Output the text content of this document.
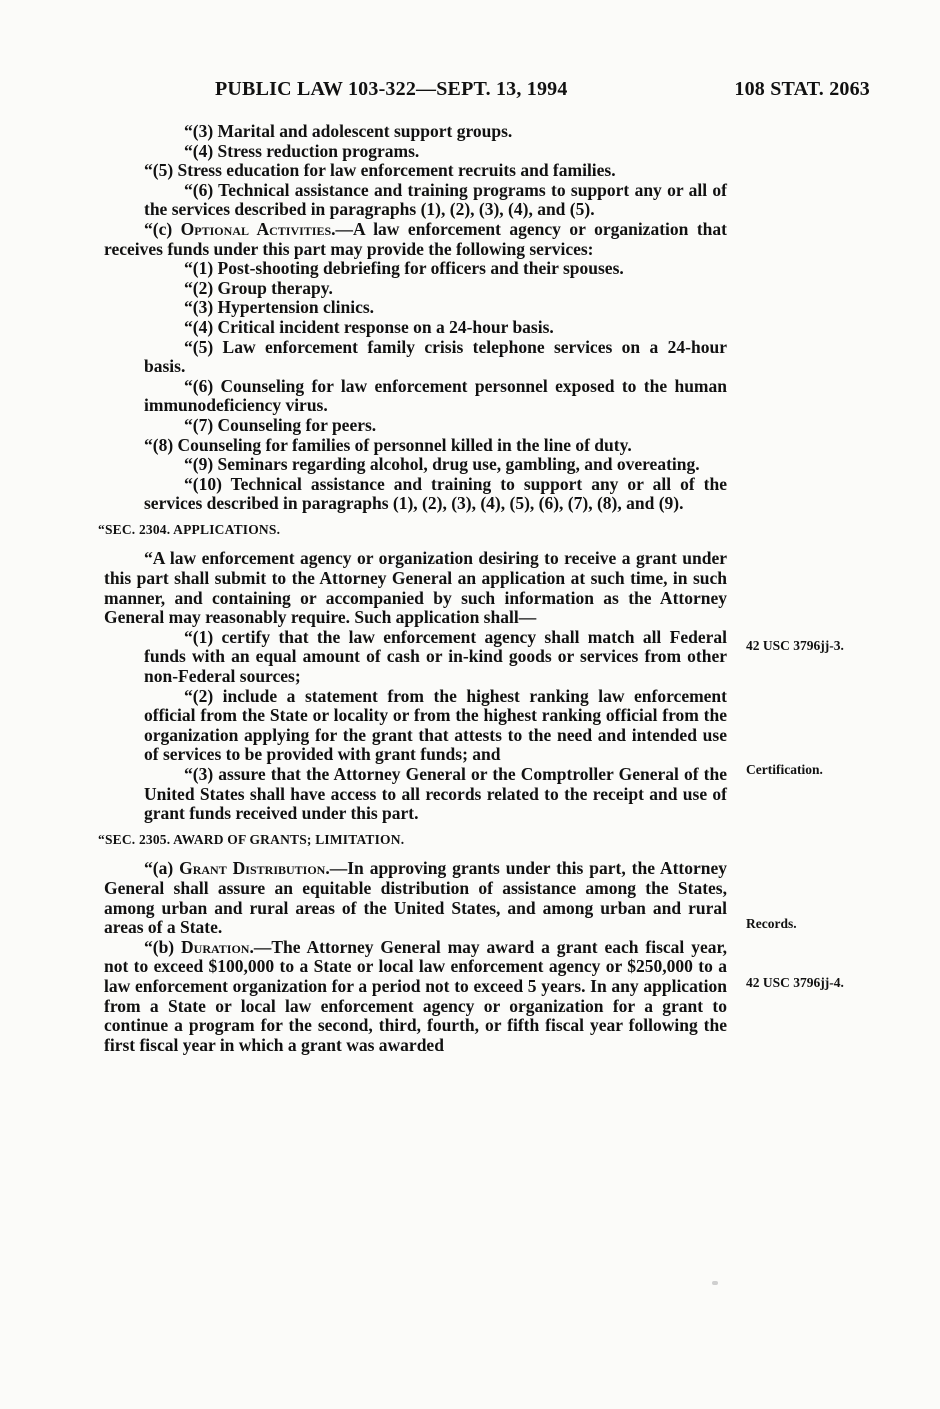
PUBLIC LAW 103-322—SEPT. 13, 1994	108 STAT. 2063

“(3) Marital and adolescent support groups.

“(4) Stress reduction programs.

“(5) Stress education for law enforcement recruits and families.

“(6) Technical assistance and training programs to support any or all of the services described in paragraphs (1), (2), (3), (4), and (5).

“(c) Optional Activities.—A law enforcement agency or organization that receives funds under this part may provide the following services:

“(1) Post-shooting debriefing for officers and their spouses.

“(2) Group therapy.

“(3) Hypertension clinics.

“(4) Critical incident response on a 24-hour basis.

“(5) Law enforcement family crisis telephone services on a 24-hour basis.

“(6) Counseling for law enforcement personnel exposed to the human immunodeficiency virus.

“(7) Counseling for peers.

“(8) Counseling for families of personnel killed in the line of duty.

“(9) Seminars regarding alcohol, drug use, gambling, and overeating.

“(10) Technical assistance and training to support any or all of the services described in paragraphs (1), (2), (3), (4), (5), (6), (7), (8), and (9).

“SEC. 2304. APPLICATIONS.

“A law enforcement agency or organization desiring to receive a grant under this part shall submit to the Attorney General an application at such time, in such manner, and containing or accompanied by such information as the Attorney General may reasonably require. Such application shall—

“(1) certify that the law enforcement agency shall match all Federal funds with an equal amount of cash or in-kind goods or services from other non-Federal sources;

“(2) include a statement from the highest ranking law enforcement official from the State or locality or from the highest ranking official from the organization applying for the grant that attests to the need and intended use of services to be provided with grant funds; and

“(3) assure that the Attorney General or the Comptroller General of the United States shall have access to all records related to the receipt and use of grant funds received under this part.

“SEC. 2305. AWARD OF GRANTS; LIMITATION.

“(a) Grant Distribution.—In approving grants under this part, the Attorney General shall assure an equitable distribution of assistance among the States, among urban and rural areas of the United States, and among urban and rural areas of a State.

“(b) Duration.—The Attorney General may award a grant each fiscal year, not to exceed $100,000 to a State or local law enforcement agency or $250,000 to a law enforcement organization for a period not to exceed 5 years. In any application from a State or local law enforcement agency or organization for a grant to continue a program for the second, third, fourth, or fifth fiscal year following the first fiscal year in which a grant was awarded

42 USC 3796jj-3.
Certification.
Records.
42 USC 3796jj-4.
